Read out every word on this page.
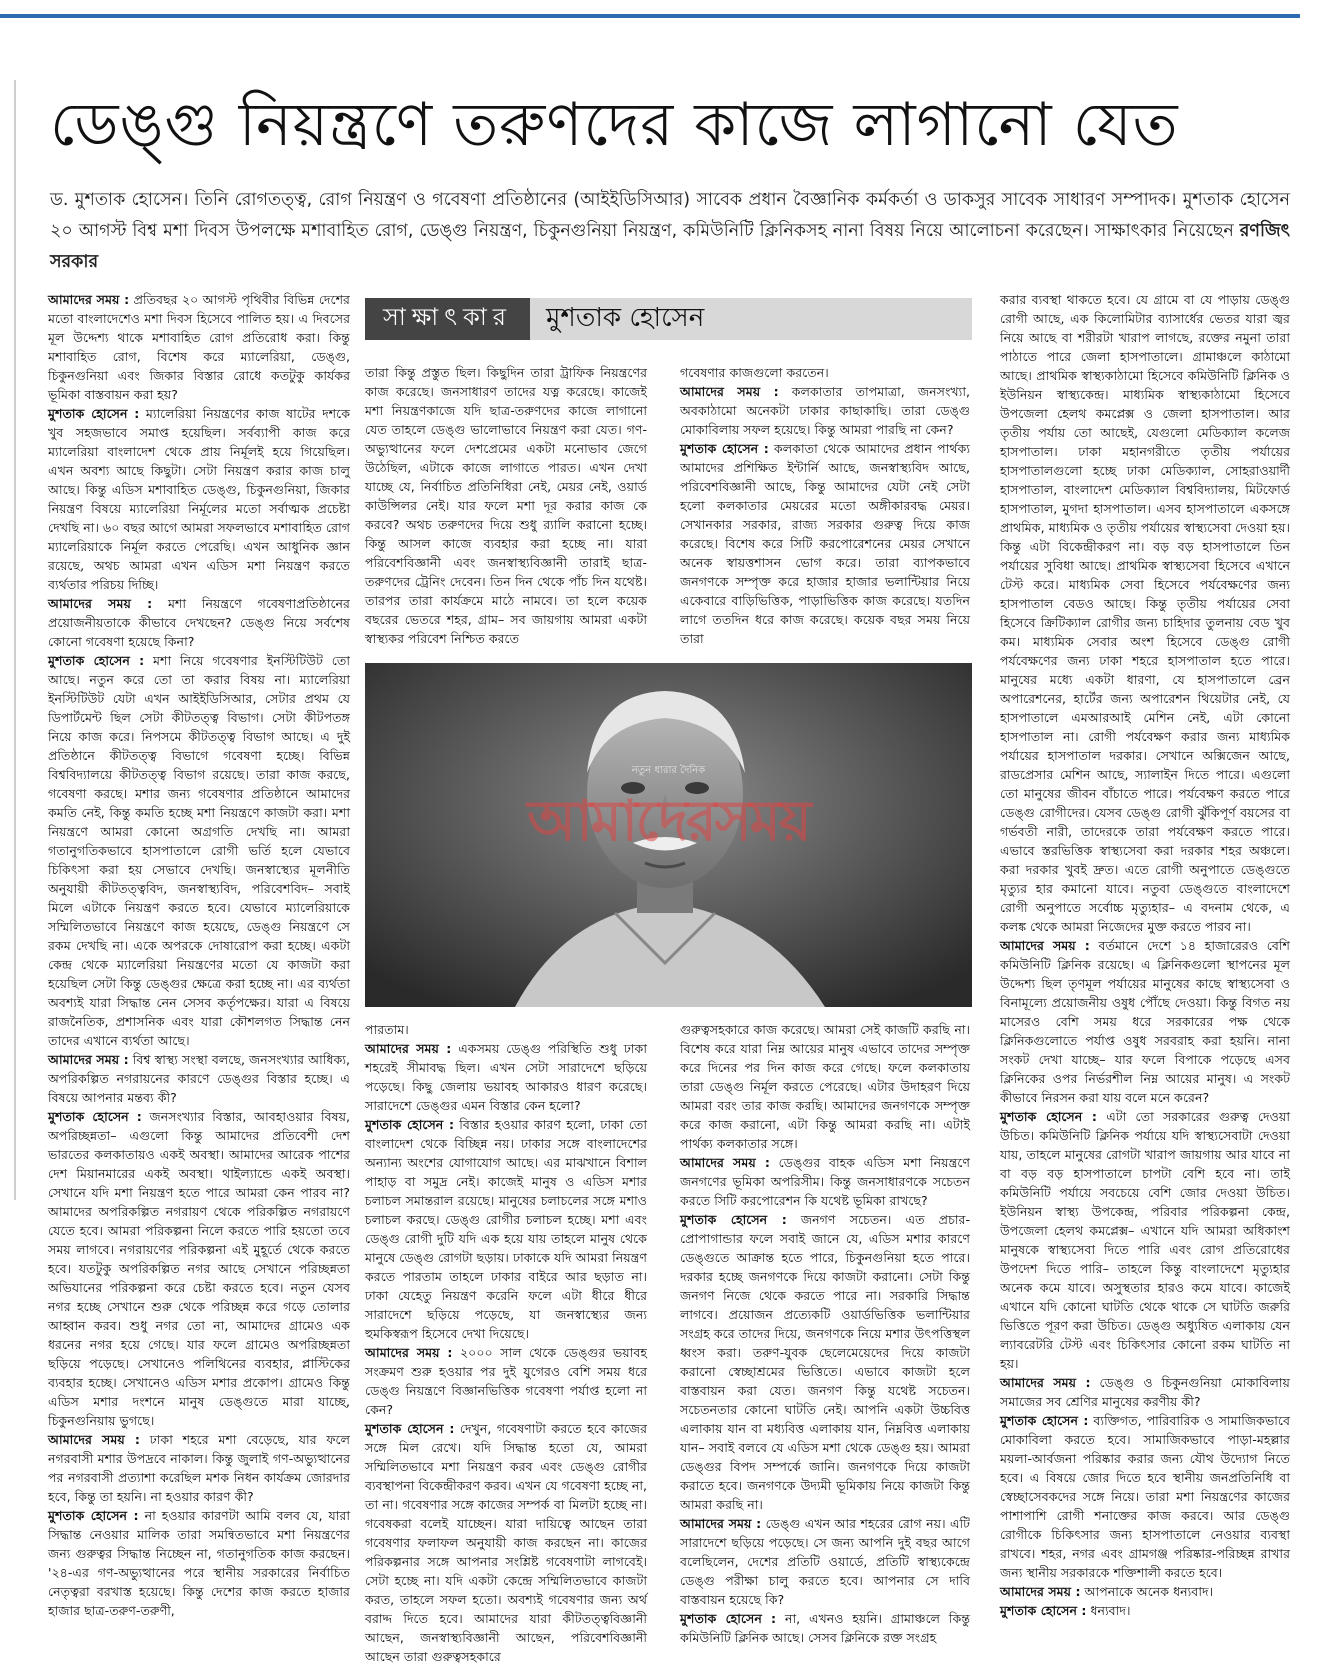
ডেঙ্গু নিয়ন্ত্রণে তরুণদের কাজে লাগানো যেত
ড. মুশতাক হোসেন। তিনি রোগতত্ত্ব, রোগ নিয়ন্ত্রণ ও গবেষণা প্রতিষ্ঠানের (আইইডিসিআর) সাবেক প্রধান বৈজ্ঞানিক কর্মকর্তা ও ডাকসুর সাবেক সাধারণ সম্পাদক। মুশতাক হোসেন ২০ আগস্ট বিশ্ব মশা দিবস উপলক্ষে মশাবাহিত রোগ, ডেঙ্গু নিয়ন্ত্রণ, চিকুনগুনিয়া নিয়ন্ত্রণ, কমিউনিটি ক্লিনিকসহ নানা বিষয় নিয়ে আলোচনা করেছেন। সাক্ষাৎকার নিয়েছেন রণজিৎ সরকার
সাক্ষাৎকার	মুশতাক হোসেন

আমাদের সময় : প্রতিবছর ২০ আগস্ট পৃথিবীর বিভিন্ন দেশের মতো বাংলাদেশেও মশা দিবস হিসেবে পালিত হয়। এ দিবসের মূল উদ্দেশ্য থাকে মশাবাহিত রোগ প্রতিরোধ করা। কিন্তু মশাবাহিত রোগ, বিশেষ করে ম্যালেরিয়া, ডেঙ্গু, চিকুনগুনিয়া এবং জিকার বিস্তার রোধে কতটুকু কার্যকর ভূমিকা বাস্তবায়ন করা হয়?

মুশতাক হোসেন : ম্যালেরিয়া নিয়ন্ত্রণের কাজ ষাটের দশকে খুব সহজভাবে সমাপ্ত হয়েছিল। সর্বব্যাপী কাজ করে ম্যালেরিয়া বাংলাদেশ থেকে প্রায় নির্মূলই হয়ে গিয়েছিল। এখন অবশ্য আছে কিছুটা। সেটা নিয়ন্ত্রণ করার কাজ চালু আছে। কিন্তু এডিস মশাবাহিত ডেঙ্গু, চিকুনগুনিয়া, জিকার নিয়ন্ত্রণ বিষয়ে ম্যালেরিয়া নির্মূলের মতো সর্বাত্মক প্রচেষ্টা দেখছি না। ৬০ বছর আগে আমরা সফলভাবে মশাবাহিত রোগ ম্যালেরিয়াকে নির্মূল করতে পেরেছি। এখন আধুনিক জ্ঞান রয়েছে, অথচ আমরা এখন এডিস মশা নিয়ন্ত্রণ করতে ব্যর্থতার পরিচয় দিচ্ছি।

আমাদের সময় : মশা নিয়ন্ত্রণে গবেষণাপ্রতিষ্ঠানের প্রয়োজনীয়তাকে কীভাবে দেখছেন? ডেঙ্গু নিয়ে সর্বশেষ কোনো গবেষণা হয়েছে কিনা?

মুশতাক হোসেন : মশা নিয়ে গবেষণার ইনস্টিটিউট তো আছে। নতুন করে তো তা করার বিষয় না। ম্যালেরিয়া ইনস্টিটিউট যেটা এখন আইইডিসিআর, সেটার প্রথম যে ডিপার্টমেন্ট ছিল সেটা কীটতত্ত্ব বিভাগ। সেটা কীটপতঙ্গ নিয়ে কাজ করে। নিপসমে কীটতত্ত্ব বিভাগ আছে। এ দুই প্রতিষ্ঠানে কীটতত্ত্ব বিভাগে গবেষণা হচ্ছে। বিভিন্ন বিশ্ববিদ্যালয়ে কীটতত্ত্ব বিভাগ রয়েছে। তারা কাজ করছে, গবেষণা করছে। মশার জন্য গবেষণার প্রতিষ্ঠানে আমাদের কমতি নেই, কিন্তু কমতি হচ্ছে মশা নিয়ন্ত্রণে কাজটা করা। মশা নিয়ন্ত্রণে আমরা কোনো অগ্রগতি দেখছি না। আমরা গতানুগতিকভাবে হাসপাতালে রোগী ভর্তি হলে যেভাবে চিকিৎসা করা হয় সেভাবে দেখছি। জনস্বাস্থ্যের মূলনীতি অনুযায়ী কীটতত্ত্ববিদ, জনস্বাস্থ্যবিদ, পরিবেশবিদ– সবাই মিলে এটাকে নিয়ন্ত্রণ করতে হবে। যেভাবে ম্যালেরিয়াকে সম্মিলিতভাবে নিয়ন্ত্রণে কাজ হয়েছে, ডেঙ্গু নিয়ন্ত্রণে সে রকম দেখছি না। একে অপরকে দোষারোপ করা হচ্ছে। একটা কেন্দ্র থেকে ম্যালেরিয়া নিয়ন্ত্রণের মতো যে কাজটা করা হয়েছিল সেটা কিন্তু ডেঙ্গুর ক্ষেত্রে করা হচ্ছে না। এর ব্যর্থতা অবশ্যই যারা সিদ্ধান্ত নেন সেসব কর্তৃপক্ষের। যারা এ বিষয়ে রাজনৈতিক, প্রশাসনিক এবং যারা কৌশলগত সিদ্ধান্ত নেন তাদের এখানে ব্যর্থতা আছে।

আমাদের সময় : বিশ্ব স্বাস্থ্য সংস্থা বলছে, জনসংখ্যার আধিক্য, অপরিকল্পিত নগরায়নের কারণে ডেঙ্গুর বিস্তার হচ্ছে। এ বিষয়ে আপনার মন্তব্য কী?

মুশতাক হোসেন : জনসংখ্যার বিস্তার, আবহাওয়ার বিষয়, অপরিচ্ছন্নতা– এগুলো কিন্তু আমাদের প্রতিবেশী দেশ ভারতের কলকাতায়ও একই অবস্থা। আমাদের আরেক পাশের দেশ মিয়ানমারের একই অবস্থা। থাইল্যান্ডে একই অবস্থা। সেখানে যদি মশা নিয়ন্ত্রণ হতে পারে আমরা কেন পারব না? আমাদের অপরিকল্পিত নগরায়ণ থেকে পরিকল্পিত নগরায়ণে যেতে হবে। আমরা পরিকল্পনা নিলে করতে পারি হয়তো তবে সময় লাগবে। নগরায়ণের পরিকল্পনা এই মুহূর্তে থেকে করতে হবে। যতটুকু অপরিকল্পিত নগর আছে সেখানে পরিচ্ছন্নতা অভিযানের পরিকল্পনা করে চেষ্টা করতে হবে। নতুন যেসব নগর হচ্ছে সেখানে শুরু থেকে পরিচ্ছন্ন করে গড়ে তোলার আহ্বান করব। শুধু নগর তো না, আমাদের গ্রামেও এক ধরনের নগর হয়ে গেছে। যার ফলে গ্রামেও অপরিচ্ছন্নতা ছড়িয়ে পড়েছে। সেখানেও পলিথিনের ব্যবহার, প্লাস্টিকের ব্যবহার হচ্ছে। সেখানেও এডিস মশার প্রকোপ। গ্রামেও কিন্তু এডিস মশার দংশনে মানুষ ডেঙ্গুতে মারা যাচ্ছে, চিকুনগুনিয়ায় ভুগছে।

আমাদের সময় : ঢাকা শহরে মশা বেড়েছে, যার ফলে নগরবাসী মশার উপদ্রবে নাকাল। কিন্তু জুলাই গণ-অভ্যুত্থানের পর নগরবাসী প্রত্যাশা করেছিল মশক নিধন কার্যক্রম জোরদার হবে, কিন্তু তা হয়নি। না হওয়ার কারণ কী?

মুশতাক হোসেন : না হওয়ার কারণটা আমি বলব যে, যারা সিদ্ধান্ত নেওয়ার মালিক তারা সমন্বিতভাবে মশা নিয়ন্ত্রণের জন্য গুরুত্বর সিদ্ধান্ত নিচ্ছেন না, গতানুগতিক কাজ করছেন। '২৪-এর গণ-অভ্যুত্থানের পরে স্থানীয় সরকারের নির্বাচিত নেতৃত্বরা বরখাস্ত হয়েছে। কিন্তু দেশের কাজ করতে হাজার হাজার ছাত্র-তরুণ-তরুণী,

তারা কিন্তু প্রস্তুত ছিল। কিছুদিন তারা ট্রাফিক নিয়ন্ত্রণের কাজ করেছে। জনসাধারণ তাদের যত্ন করেছে। কাজেই মশা নিয়ন্ত্রণকাজে যদি ছাত্র-তরুণদের কাজে লাগানো যেত তাহলে ডেঙ্গু ভালোভাবে নিয়ন্ত্রণ করা যেত। গণ-অভ্যুত্থানের ফলে দেশপ্রেমের একটা মনোভাব জেগে উঠেছিল, এটাকে কাজে লাগাতে পারত। এখন দেখা যাচ্ছে যে, নির্বাচিত প্রতিনিধিরা নেই, মেয়র নেই, ওয়ার্ড কাউন্সিলর নেই। যার ফলে মশা দূর করার কাজ কে করবে? অথচ তরুণদের দিয়ে শুধু র‍্যালি করানো হচ্ছে। কিন্তু আসল কাজে ব্যবহার করা হচ্ছে না। যারা পরিবেশবিজ্ঞানী এবং জনস্বাস্থ্যবিজ্ঞানী তারাই ছাত্র-তরুণদের ট্রেনিং দেবেন। তিন দিন থেকে পাঁচ দিন যথেষ্ট। তারপর তারা কার্যক্রমে মাঠে নামবে। তা হলে কয়েক বছরের ভেতরে শহর, গ্রাম– সব জায়গায় আমরা একটা স্বাস্থ্যকর পরিবেশ নিশ্চিত করতে

গবেষণার কাজগুলো করতেন।

আমাদের সময় : কলকাতার তাপমাত্রা, জনসংখ্যা, অবকাঠামো অনেকটা ঢাকার কাছাকাছি। তারা ডেঙ্গু মোকাবিলায় সফল হয়েছে। কিন্তু আমরা পারছি না কেন?

মুশতাক হোসেন : কলকাতা থেকে আমাদের প্রধান পার্থক্য আমাদের প্রশিক্ষিত ইন্টার্নি আছে, জনস্বাস্থ্যবিদ আছে, পরিবেশবিজ্ঞানী আছে, কিন্তু আমাদের যেটা নেই সেটা হলো কলকাতার মেয়রের মতো অঙ্গীকারবদ্ধ মেয়র। সেখানকার সরকার, রাজ্য সরকার গুরুত্ব দিয়ে কাজ করেছে। বিশেষ করে সিটি করপোরেশনের মেয়র সেখানে অনেক স্বায়ত্তশাসন ভোগ করে। তারা ব্যাপকভাবে জনগণকে সম্পৃক্ত করে হাজার হাজার ভলান্টিয়ার নিয়ে একেবারে বাড়িভিত্তিক, পাড়াভিত্তিক কাজ করেছে। যতদিন লাগে ততদিন ধরে কাজ করেছে। কয়েক বছর সময় নিয়ে তারা

নতুন ধারার দৈনিক
আমাদেরসময়

করার ব্যবস্থা থাকতে হবে। যে গ্রামে বা যে পাড়ায় ডেঙ্গু রোগী আছে, এক কিলোমিটার ব্যাসার্ধের ভেতর যারা জ্বর নিয়ে আছে বা শরীরটা খারাপ লাগছে, রক্তের নমুনা তারা পাঠাতে পারে জেলা হাসপাতালে। গ্রামাঞ্চলে কাঠামো আছে। প্রাথমিক স্বাস্থ্যকাঠামো হিসেবে কমিউনিটি ক্লিনিক ও ইউনিয়ন স্বাস্থ্যকেন্দ্র। মাধ্যমিক স্বাস্থ্যকাঠামো হিসেবে উপজেলা হেলথ কমপ্লেক্স ও জেলা হাসপাতাল। আর তৃতীয় পর্যায় তো আছেই, যেগুলো মেডিক্যাল কলেজ হাসপাতাল। ঢাকা মহানগরীতে তৃতীয় পর্যায়ের হাসপাতালগুলো হচ্ছে ঢাকা মেডিক্যাল, সোহরাওয়ার্দী হাসপাতাল, বাংলাদেশ মেডিক্যাল বিশ্ববিদ্যালয়, মিটফোর্ড হাসপাতাল, মুগদা হাসপাতাল। এসব হাসপাতালে একসঙ্গে প্রাথমিক, মাধ্যমিক ও তৃতীয় পর্যায়ের স্বাস্থ্যসেবা দেওয়া হয়। কিন্তু এটা বিকেন্দ্রীকরণ না। বড় বড় হাসপাতালে তিন পর্যায়ের সুবিধা আছে। প্রাথমিক স্বাস্থ্যসেবা হিসেবে এখানে টেস্ট করে। মাধ্যমিক সেবা হিসেবে পর্যবেক্ষণের জন্য হাসপাতাল বেডও আছে। কিন্তু তৃতীয় পর্যায়ের সেবা হিসেবে ক্রিটিক্যাল রোগীর জন্য চাহিদার তুলনায় বেড খুব কম। মাধ্যমিক সেবার অংশ হিসেবে ডেঙ্গু রোগী পর্যবেক্ষণের জন্য ঢাকা শহরে হাসপাতাল হতে পারে। মানুষের মধ্যে একটা ধারণা, যে হাসপাতালে ব্রেন অপারেশনের, হার্টের জন্য অপারেশন থিয়েটার নেই, যে হাসপাতালে এমআরআই মেশিন নেই, এটা কোনো হাসপাতাল না। রোগী পর্যবেক্ষণ করার জন্য মাধ্যমিক পর্যায়ের হাসপাতাল দরকার। সেখানে অক্সিজেন আছে, রাডপ্রেসার মেশিন আছে, স্যালাইন দিতে পারে। এগুলো তো মানুষের জীবন বাঁচাতে পারে। পর্যবেক্ষণ করতে পারে ডেঙ্গু রোগীদের। যেসব ডেঙ্গু রোগী ঝুঁকিপূর্ণ বয়সের বা গর্ভবতী নারী, তাদেরকে তারা পর্যবেক্ষণ করতে পারে। এভাবে স্তরভিত্তিক স্বাস্থ্যসেবা করা দরকার শহর অঞ্চলে। করা দরকার খুবই দ্রুত। এতে রোগী অনুপাতে ডেঙ্গুতে মৃত্যুর হার কমানো যাবে। নতুবা ডেঙ্গুতে বাংলাদেশে রোগী অনুপাতে সর্বোচ্চ মৃত্যুহার– এ বদনাম থেকে, এ কলঙ্ক থেকে আমরা নিজেদের মুক্ত করতে পারব না।

আমাদের সময় : বর্তমানে দেশে ১৪ হাজারেরও বেশি কমিউনিটি ক্লিনিক রয়েছে। এ ক্লিনিকগুলো স্থাপনের মূল উদ্দেশ্য ছিল তৃণমূল পর্যায়ের মানুষের কাছে স্বাস্থ্যসেবা ও বিনামূল্যে প্রয়োজনীয় ওষুধ পৌঁছে দেওয়া। কিন্তু বিগত নয় মাসেরও বেশি সময় ধরে সরকারের পক্ষ থেকে ক্লিনিকগুলোতে পর্যাপ্ত ওষুধ সরবরাহ করা হয়নি। নানা সংকট দেখা যাচ্ছে– যার ফলে বিপাকে পড়েছে এসব ক্লিনিকের ওপর নির্ভরশীল নিম্ন আয়ের মানুষ। এ সংকট কীভাবে নিরসন করা যায় বলে মনে করেন?

মুশতাক হোসেন : এটা তো সরকারের গুরুত্ব দেওয়া উচিত। কমিউনিটি ক্লিনিক পর্যায়ে যদি স্বাস্থ্যসেবাটা দেওয়া যায়, তাহলে মানুষের রোগটা খারাপ জায়গায় আর যাবে না বা বড় বড় হাসপাতালে চাপটা বেশি হবে না। তাই কমিউনিটি পর্যায়ে সবচেয়ে বেশি জোর দেওয়া উচিত। ইউনিয়ন স্বাস্থ্য উপকেন্দ্র, পরিবার পরিকল্পনা কেন্দ্র, উপজেলা হেলথ কমপ্লেক্স– এখানে যদি আমরা অধিকাংশ মানুষকে স্বাস্থ্যসেবা দিতে পারি এবং রোগ প্রতিরোধের উপদেশ দিতে পারি– তাহলে কিন্তু বাংলাদেশে মৃত্যুহার অনেক কমে যাবে। অসুস্থতার হারও কমে যাবে। কাজেই এখানে যদি কোনো ঘাটতি থেকে থাকে সে ঘাটতি জরুরি ভিত্তিতে পূরণ করা উচিত। ডেঙ্গু অধ্যুষিত এলাকায় যেন ল্যাবরেটরি টেস্ট এবং চিকিৎসার কোনো রকম ঘাটতি না হয়।

আমাদের সময় : ডেঙ্গু ও চিকুনগুনিয়া মোকাবিলায় সমাজের সব শ্রেণির মানুষের করণীয় কী?

মুশতাক হোসেন : ব্যক্তিগত, পারিবারিক ও সামাজিকভাবে মোকাবিলা করতে হবে। সামাজিকভাবে পাড়া-মহল্লার ময়লা-আর্বজনা পরিষ্কার করার জন্য যৌথ উদ্যোগ নিতে হবে। এ বিষয়ে জোর দিতে হবে স্থানীয় জনপ্রতিনিধি বা স্বেচ্ছাসেবকদের সঙ্গে নিয়ে। তারা মশা নিয়ন্ত্রণের কাজের পাশাপাশি রোগী শনাক্তের কাজ করবে। আর ডেঙ্গু রোগীকে চিকিৎসার জন্য হাসপাতালে নেওয়ার ব্যবস্থা রাখবে। শহর, নগর এবং গ্রামগঞ্জ পরিষ্কার-পরিচ্ছন্ন রাখার জন্য স্থানীয় সরকারকে শক্তিশালী করতে হবে।

আমাদের সময় : আপনাকে অনেক ধন্যবাদ।

মুশতাক হোসেন : ধন্যবাদ।

পারতাম।

আমাদের সময় : একসময় ডেঙ্গু পরিস্থিতি শুধু ঢাকা শহরেই সীমাবদ্ধ ছিল। এখন সেটা সারাদেশে ছড়িয়ে পড়েছে। কিছু জেলায় ভয়াবহ আকারও ধারণ করেছে। সারাদেশে ডেঙ্গুর এমন বিস্তার কেন হলো?

মুশতাক হোসেন : বিস্তার হওয়ার কারণ হলো, ঢাকা তো বাংলাদেশ থেকে বিচ্ছিন্ন নয়। ঢাকার সঙ্গে বাংলাদেশের অন্যান্য অংশের যোগাযোগ আছে। এর মাঝখানে বিশাল পাহাড় বা সমুদ্র নেই। কাজেই মানুষ ও এডিস মশার চলাচল সমান্তরাল রয়েছে। মানুষের চলাচলের সঙ্গে মশাও চলাচল করছে। ডেঙ্গু রোগীর চলাচল হচ্ছে। মশা এবং ডেঙ্গু রোগী দুটি যদি এক হয়ে যায় তাহলে মানুষ থেকে মানুষে ডেঙ্গু রোগটা ছড়ায়। ঢাকাকে যদি আমরা নিয়ন্ত্রণ করতে পারতাম তাহলে ঢাকার বাইরে আর ছড়াত না। ঢাকা যেহেতু নিয়ন্ত্রণ করেনি ফলে এটা ধীরে ধীরে সারাদেশে ছড়িয়ে পড়েছে, যা জনস্বাস্থ্যের জন্য হুমকিস্বরূপ হিসেবে দেখা দিয়েছে।

আমাদের সময় : ২০০০ সাল থেকে ডেঙ্গুর ভয়াবহ সংক্রমণ শুরু হওয়ার পর দুই যুগেরও বেশি সময় ধরে ডেঙ্গু নিয়ন্ত্রণে বিজ্ঞানভিত্তিক গবেষণা পর্যাপ্ত হলো না কেন?

মুশতাক হোসেন : দেখুন, গবেষণাটা করতে হবে কাজের সঙ্গে মিল রেখে। যদি সিদ্ধান্ত হতো যে, আমরা সম্মিলিতভাবে মশা নিয়ন্ত্রণ করব এবং ডেঙ্গু রোগীর ব্যবস্থাপনা বিকেন্দ্রীকরণ করব। এখন যে গবেষণা হচ্ছে না, তা না। গবেষণার সঙ্গে কাজের সম্পর্ক বা মিলটা হচ্ছে না। গবেষকরা বলেই যাচ্ছেন। যারা দায়িত্বে আছেন তারা গবেষণার ফলাফল অনুযায়ী কাজ করছেন না। কাজের পরিকল্পনার সঙ্গে আপনার সংশ্লিষ্ট গবেষণাটা লাগবেই। সেটা হচ্ছে না। যদি একটা কেন্দ্রে সম্মিলিতভাবে কাজটা করত, তাহলে সফল হতো। অবশ্যই গবেষণার জন্য অর্থ বরাদ্দ দিতে হবে। আমাদের যারা কীটতত্ত্ববিজ্ঞানী আছেন, জনস্বাস্থ্যবিজ্ঞানী আছেন, পরিবেশবিজ্ঞানী আছেন তারা গুরুত্বসহকারে

গুরুত্বসহকারে কাজ করেছে। আমরা সেই কাজটি করছি না। বিশেষ করে যারা নিম্ন আয়ের মানুষ এভাবে তাদের সম্পৃক্ত করে দিনের পর দিন কাজ করে গেছে। ফলে কলকাতায় তারা ডেঙ্গু নির্মূল করতে পেরেছে। এটার উদাহরণ দিয়ে আমরা বরং তার কাজ করছি। আমাদের জনগণকে সম্পৃক্ত করে কাজ করানো, এটা কিন্তু আমরা করছি না। এটাই পার্থক্য কলকাতার সঙ্গে।

আমাদের সময় : ডেঙ্গুর বাহক এডিস মশা নিয়ন্ত্রণে জনগণের ভূমিকা অপরিসীম। কিন্তু জনসাধারণকে সচেতন করতে সিটি করপোরেশন কি যথেষ্ট ভূমিকা রাখছে?

মুশতাক হোসেন : জনগণ সচেতন। এত প্রচার-প্রোপাগান্ডার ফলে সবাই জানে যে, এডিস মশার কারণে ডেঙ্গুতে আক্রান্ত হতে পারে, চিকুনগুনিয়া হতে পারে। দরকার হচ্ছে জনগণকে দিয়ে কাজটা করানো। সেটা কিন্তু জনগণ নিজে থেকে করতে পারে না। সরকারি সিদ্ধান্ত লাগবে। প্রয়োজন প্রত্যেকটি ওয়ার্ডভিত্তিক ভলান্টিয়ার সংগ্রহ করে তাদের দিয়ে, জনগণকে নিয়ে মশার উৎপত্তিস্থল ধ্বংস করা। তরুণ-যুবক ছেলেমেয়েদের দিয়ে কাজটা করানো স্বেচ্ছাশ্রমের ভিত্তিতে। এভাবে কাজটা হলে বাস্তবায়ন করা যেত। জনগণ কিন্তু যথেষ্ট সচেতন। সচেতনতার কোনো ঘাটতি নেই। আপনি একটা উচ্চবিত্ত এলাকায় যান বা মধ্যবিত্ত এলাকায় যান, নিম্নবিত্ত এলাকায় যান– সবাই বলবে যে এডিস মশা থেকে ডেঙ্গু হয়। আমরা ডেঙ্গুর বিপদ সম্পর্কে জানি। জনগণকে দিয়ে কাজটা করাতে হবে। জনগণকে উদ্যমী ভূমিকায় নিয়ে কাজটা কিন্তু আমরা করছি না।

আমাদের সময় : ডেঙ্গু এখন আর শহরের রোগ নয়। এটি সারাদেশে ছড়িয়ে পড়েছে। সে জন্য আপনি দুই বছর আগে বলেছিলেন, দেশের প্রতিটি ওয়ার্ডে, প্রতিটি স্বাস্থ্যকেন্দ্রে ডেঙ্গু পরীক্ষা চালু করতে হবে। আপনার সে দাবি বাস্তবায়ন হয়েছে কি?

মুশতাক হোসেন : না, এখনও হয়নি। গ্রামাঞ্চলে কিন্তু কমিউনিটি ক্লিনিক আছে। সেসব ক্লিনিকে রক্ত সংগ্রহ
